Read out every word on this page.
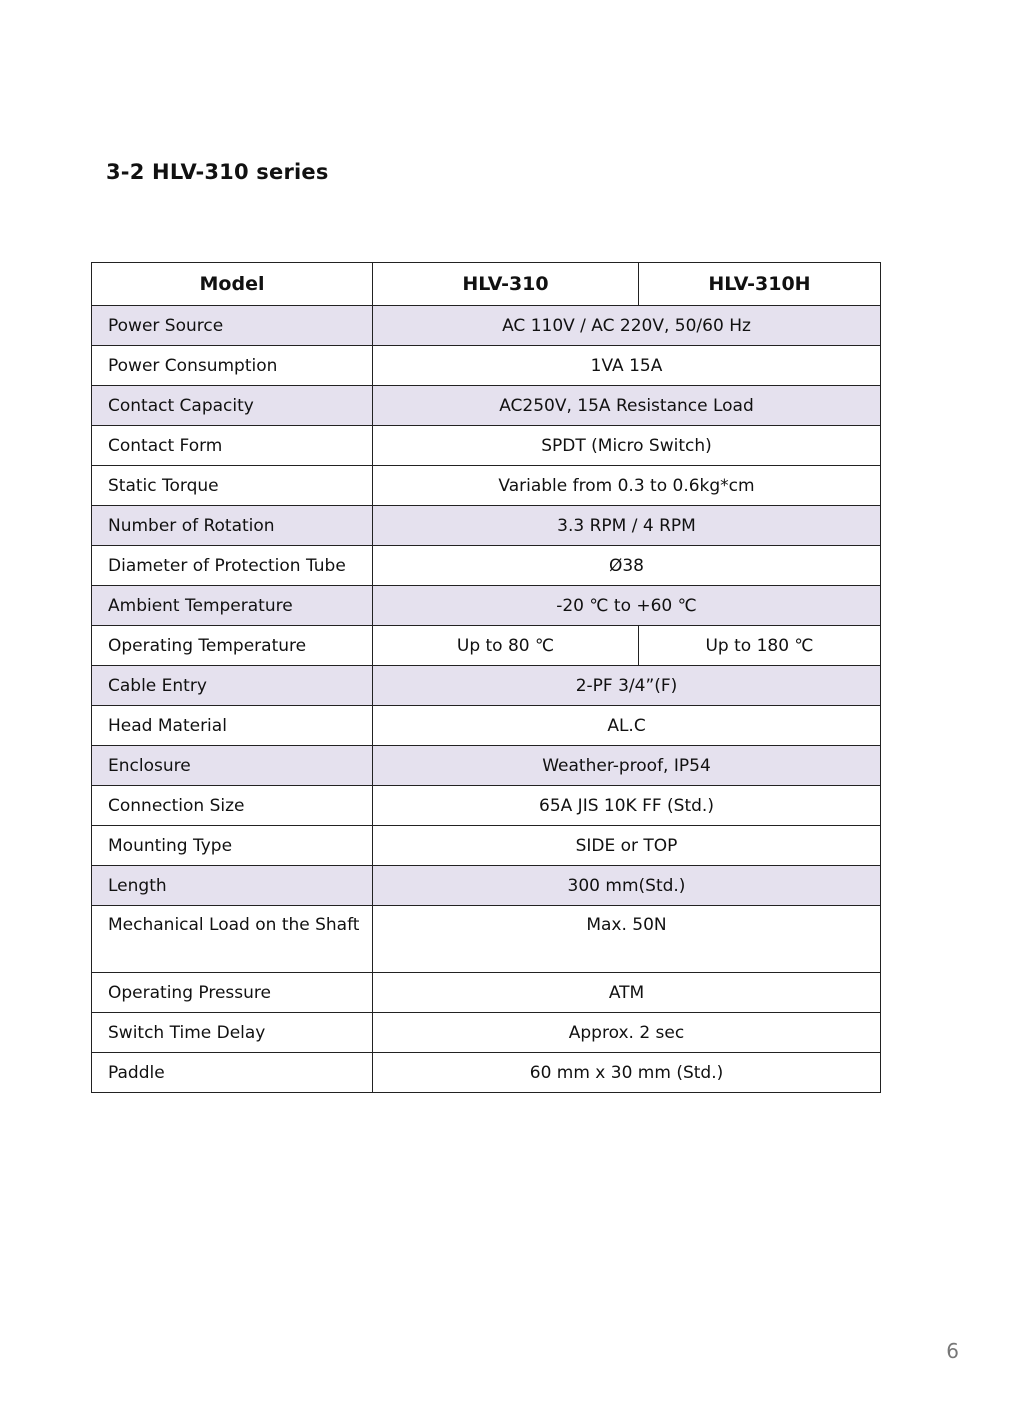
3-2 HLV-310 series
Model	HLV-310	HLV-310H
Power Source	AC 110V / AC 220V, 50/60 Hz	
Power Consumption	1VA 15A	
Contact Capacity	AC250V, 15A Resistance Load	
Contact Form	SPDT (Micro Switch)	
Static Torque	Variable from 0.3 to 0.6kg*cm	
Number of Rotation	3.3 RPM / 4 RPM	
Diameter of Protection Tube	Ø38	
Ambient Temperature	-20 ℃ to +60 ℃	
Operating Temperature	Up to 80 ℃	Up to 180 ℃
Cable Entry	2-PF 3/4”(F)	
Head Material	AL.C	
Enclosure	Weather-proof, IP54	
Connection Size	65A JIS 10K FF (Std.)	
Mounting Type	SIDE or TOP	
Length	300 mm(Std.)	
Mechanical Load on the Shaft	Max. 50N	
Operating Pressure	ATM	
Switch Time Delay	Approx. 2 sec	
Paddle	60 mm x 30 mm (Std.)	
6
